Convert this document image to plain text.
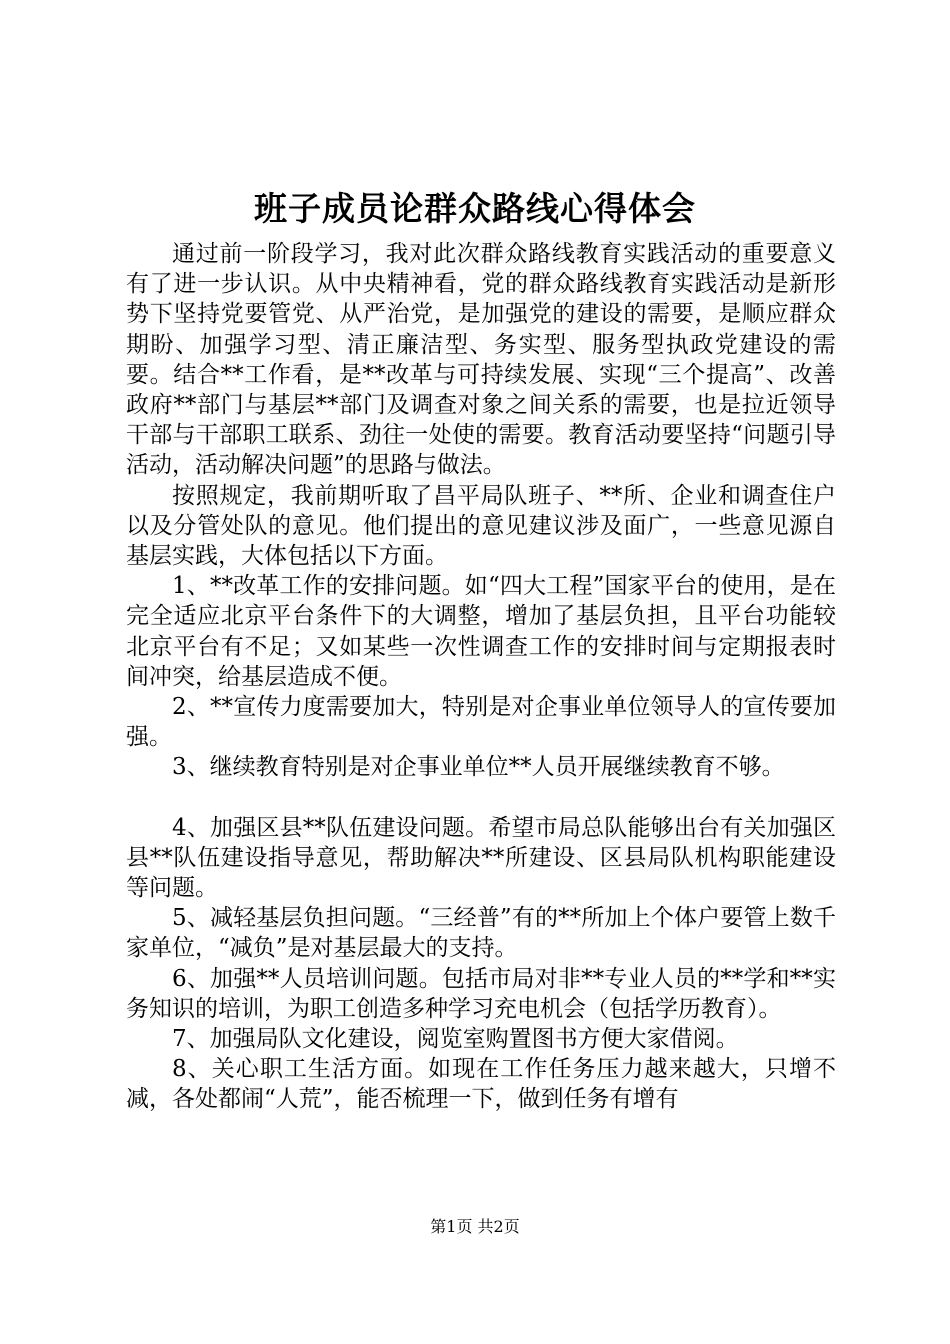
班子成员论群众路线心得体会

通过前一阶段学习，我对此次群众路线教育实践活动的重要意义有了进一步认识。从中央精神看，党的群众路线教育实践活动是新形势下坚持党要管党、从严治党，是加强党的建设的需要，是顺应群众期盼、加强学习型、清正廉洁型、务实型、服务型执政党建设的需要。结合**工作看，是**改革与可持续发展、实现“三个提高”、改善政府**部门与基层**部门及调查对象之间关系的需要，也是拉近领导干部与干部职工联系、劲往一处使的需要。教育活动要坚持“问题引导活动，活动解决问题”的思路与做法。

按照规定，我前期听取了昌平局队班子、**所、企业和调查住户以及分管处队的意见。他们提出的意见建议涉及面广，一些意见源自基层实践，大体包括以下方面。

1、**改革工作的安排问题。如“四大工程”国家平台的使用，是在完全适应北京平台条件下的大调整，增加了基层负担，且平台功能较北京平台有不足；又如某些一次性调查工作的安排时间与定期报表时间冲突，给基层造成不便。

2、**宣传力度需要加大，特别是对企事业单位领导人的宣传要加强。

3、继续教育特别是对企事业单位**人员开展继续教育不够。

4、加强区县**队伍建设问题。希望市局总队能够出台有关加强区县**队伍建设指导意见，帮助解决**所建设、区县局队机构职能建设等问题。

5、减轻基层负担问题。“三经普”有的**所加上个体户要管上数千家单位，“减负”是对基层最大的支持。

6、加强**人员培训问题。包括市局对非**专业人员的**学和**实务知识的培训，为职工创造多种学习充电机会（包括学历教育）。

7、加强局队文化建设，阅览室购置图书方便大家借阅。

8、关心职工生活方面。如现在工作任务压力越来越大，只增不减，各处都闹“人荒”，能否梳理一下，做到任务有增有

第1页 共2页
